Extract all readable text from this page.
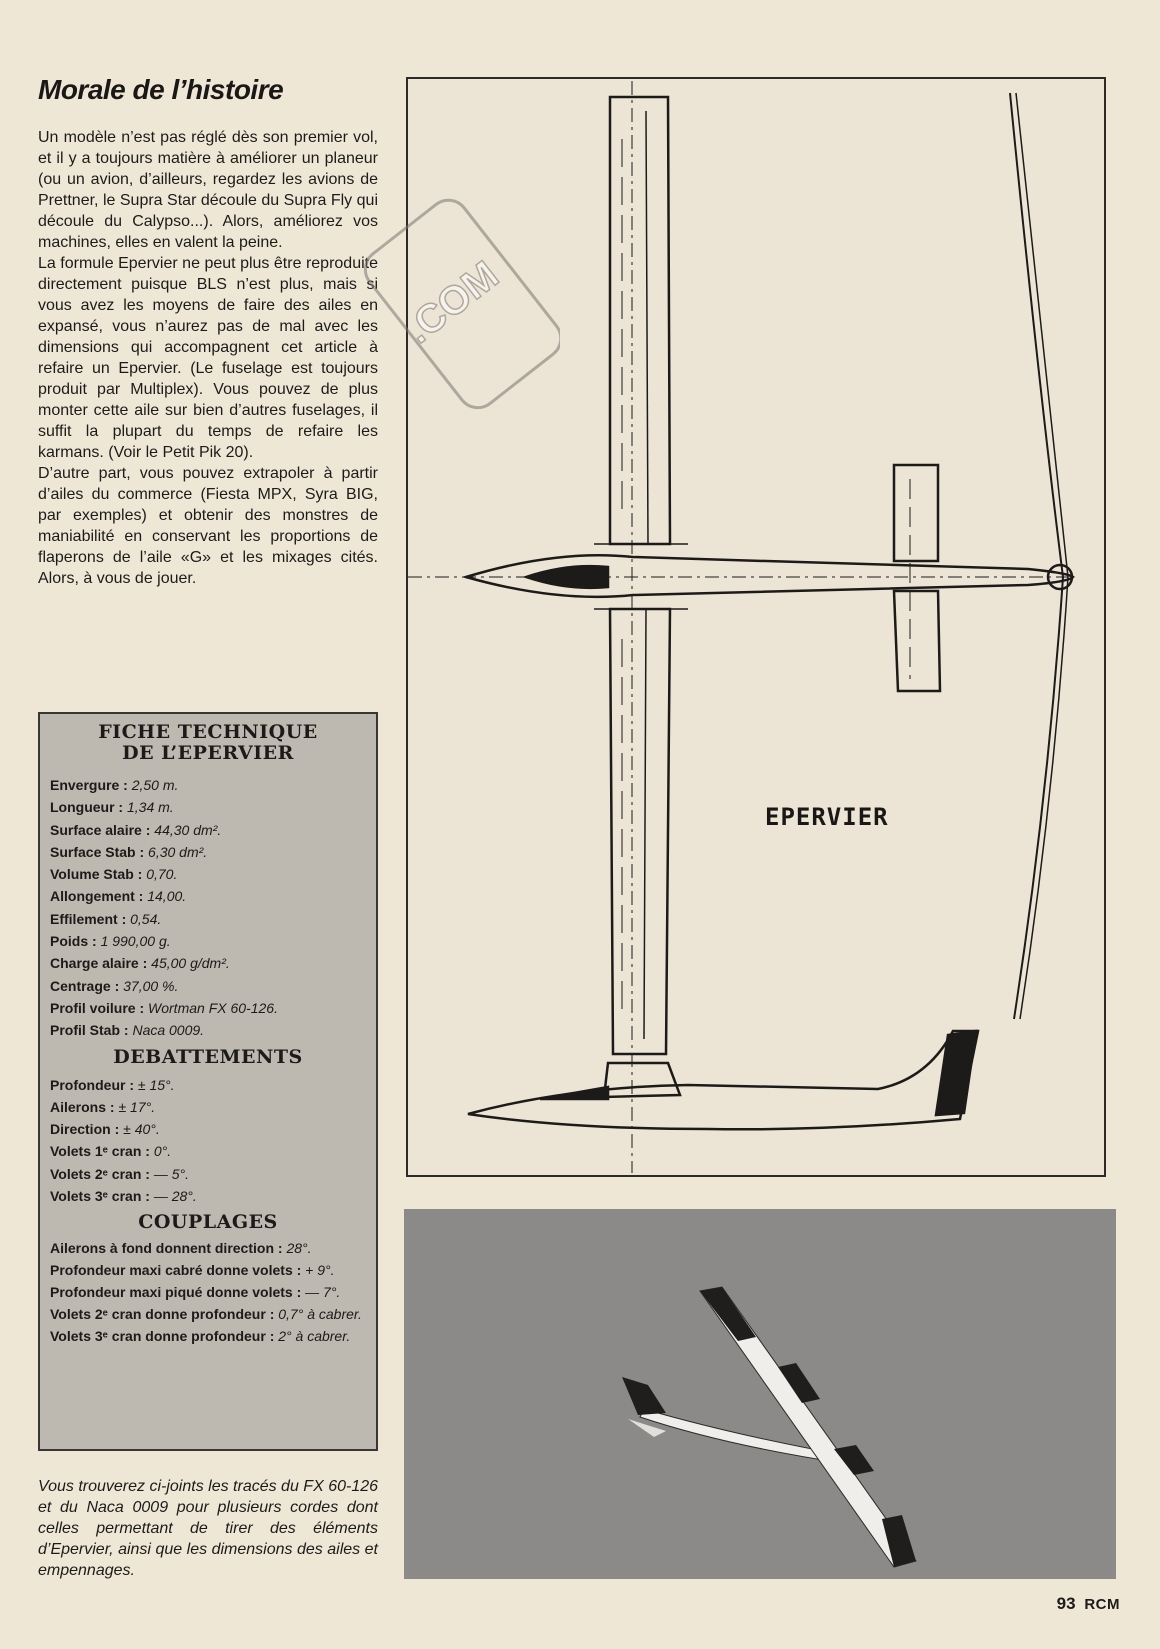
Morale de l’histoire

Un modèle n’est pas réglé dès son premier vol, et il y a toujours matière à améliorer un planeur (ou un avion, d’ailleurs, regardez les avions de Prettner, le Supra Star découle du Supra Fly qui découle du Calypso...). Alors, améliorez vos machines, elles en valent la peine.

La formule Epervier ne peut plus être reproduite directement puisque BLS n’est plus, mais si vous avez les moyens de faire des ailes en expansé, vous n’aurez pas de mal avec les dimensions qui accompagnent cet article à refaire un Epervier. (Le fuselage est toujours produit par Multiplex). Vous pouvez de plus monter cette aile sur bien d’autres fuselages, il suffit la plupart du temps de refaire les karmans. (Voir le Petit Pik 20).

D’autre part, vous pouvez extrapoler à partir d’ailes du commerce (Fiesta MPX, Syra BIG, par exemples) et obtenir des monstres de maniabilité en conservant les proportions de flaperons de l’aile «G» et les mixages cités. Alors, à vous de jouer.

FICHE TECHNIQUE
DE L’EPERVIER
Envergure : 2,50 m.
Longueur : 1,34 m.
Surface alaire : 44,30 dm².
Surface Stab : 6,30 dm².
Volume Stab : 0,70.
Allongement : 14,00.
Effilement : 0,54.
Poids : 1 990,00 g.
Charge alaire : 45,00 g/dm².
Centrage : 37,00 %.
Profil voilure : Wortman FX 60-126.
Profil Stab : Naca 0009.
DEBATTEMENTS
Profondeur : ± 15°.
Ailerons : ± 17°.
Direction : ± 40°.
Volets 1ᵉ cran : 0°.
Volets 2ᵉ cran : — 5°.
Volets 3ᵉ cran : — 28°.
COUPLAGES
Ailerons à fond donnent direction : 28°.
Profondeur maxi cabré donne volets : + 9°.
Profondeur maxi piqué donne volets : — 7°.
Volets 2ᵉ cran donne profondeur : 0,7° à cabrer.
Volets 3ᵉ cran donne profondeur : 2° à cabrer.

Vous trouverez ci-joints les tracés du FX 60-126 et du Naca 0009 pour plusieurs cordes dont celles permettant de tirer des éléments d’Epervier, ainsi que les dimensions des ailes et empennages.

EPERVIER
93 RCM
.COM
